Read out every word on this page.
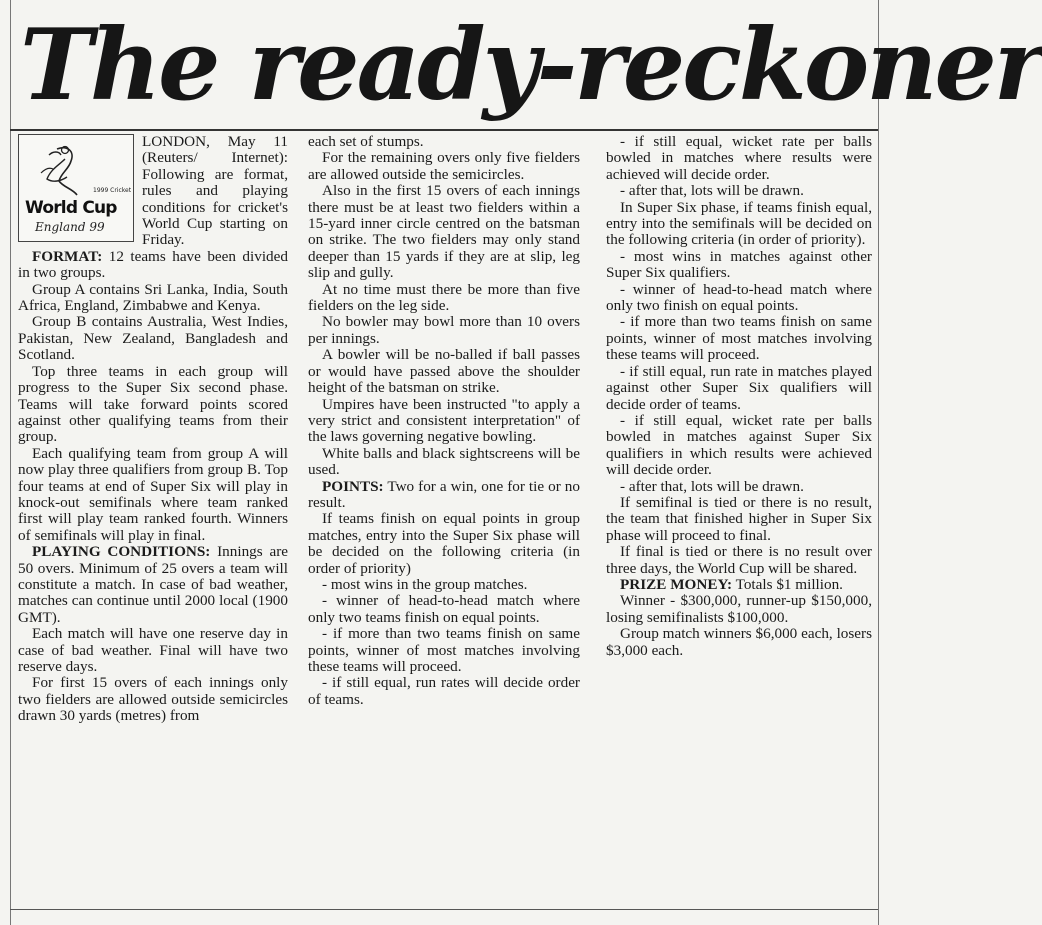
The ready-reckoner
1999 Cricket
World Cup
England 99

LONDON, May 11 (Reuters/ Internet): Following are format, rules and playing conditions for cricket's World Cup starting on Friday.

FORMAT: 12 teams have been divided in two groups.

Group A contains Sri Lanka, India, South Africa, England, Zimbabwe and Kenya.

Group B contains Australia, West Indies, Pakistan, New Zealand, Bangladesh and Scotland.

Top three teams in each group will progress to the Super Six second phase. Teams will take forward points scored against other qualifying teams from their group.

Each qualifying team from group A will now play three qualifiers from group B. Top four teams at end of Super Six will play in knock-out semifinals where team ranked first will play team ranked fourth. Winners of semifinals will play in final.

PLAYING CONDITIONS: Innings are 50 overs. Minimum of 25 overs a team will constitute a match. In case of bad weather, matches can continue until 2000 local (1900 GMT).

Each match will have one reserve day in case of bad weather. Final will have two reserve days.

For first 15 overs of each innings only two fielders are allowed outside semicircles drawn 30 yards (metres) from

each set of stumps.

For the remaining overs only five fielders are allowed outside the semicircles.

Also in the first 15 overs of each innings there must be at least two fielders within a 15-yard inner circle centred on the batsman on strike. The two fielders may only stand deeper than 15 yards if they are at slip, leg slip and gully.

At no time must there be more than five fielders on the leg side.

No bowler may bowl more than 10 overs per innings.

A bowler will be no-balled if ball passes or would have passed above the shoulder height of the batsman on strike.

Umpires have been instructed "to apply a very strict and consistent interpretation" of the laws governing negative bowling.

White balls and black sightscreens will be used.

POINTS: Two for a win, one for tie or no result.

If teams finish on equal points in group matches, entry into the Super Six phase will be decided on the following criteria (in order of priority)

- most wins in the group matches.

- winner of head-to-head match where only two teams finish on equal points.

- if more than two teams finish on same points, winner of most matches involving these teams will proceed.

- if still equal, run rates will decide order of teams.

- if still equal, wicket rate per balls bowled in matches where results were achieved will decide order.

- after that, lots will be drawn.

In Super Six phase, if teams finish equal, entry into the semifinals will be decided on the following criteria (in order of priority).

- most wins in matches against other Super Six qualifiers.

- winner of head-to-head match where only two finish on equal points.

- if more than two teams finish on same points, winner of most matches involving these teams will proceed.

- if still equal, run rate in matches played against other Super Six qualifiers will decide order of teams.

- if still equal, wicket rate per balls bowled in matches against Super Six qualifiers in which results were achieved will decide order.

- after that, lots will be drawn.

If semifinal is tied or there is no result, the team that finished higher in Super Six phase will proceed to final.

If final is tied or there is no result over three days, the World Cup will be shared.

PRIZE MONEY: Totals $1 million.

Winner - $300,000, runner-up $150,000, losing semifinalists $100,000.

Group match winners $6,000 each, losers $3,000 each.
